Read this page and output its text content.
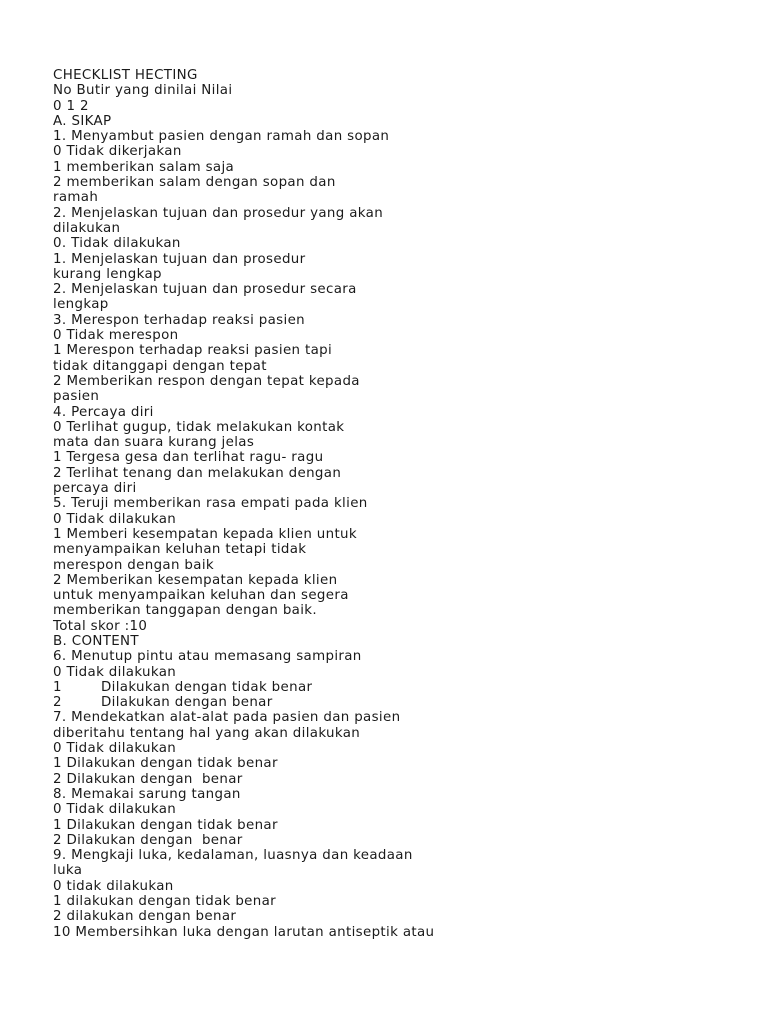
CHECKLIST HECTING
No Butir yang dinilai Nilai
0 1 2
A. SIKAP
1. Menyambut pasien dengan ramah dan sopan
0 Tidak dikerjakan
1 memberikan salam saja
2 memberikan salam dengan sopan dan
ramah
2. Menjelaskan tujuan dan prosedur yang akan
dilakukan
0. Tidak dilakukan
1. Menjelaskan tujuan dan prosedur
kurang lengkap
2. Menjelaskan tujuan dan prosedur secara
lengkap
3. Merespon terhadap reaksi pasien
0 Tidak merespon
1 Merespon terhadap reaksi pasien tapi
tidak ditanggapi dengan tepat
2 Memberikan respon dengan tepat kepada
pasien
4. Percaya diri
0 Terlihat gugup, tidak melakukan kontak
mata dan suara kurang jelas
1 Tergesa gesa dan terlihat ragu- ragu
2 Terlihat tenang dan melakukan dengan
percaya diri
5. Teruji memberikan rasa empati pada klien
0 Tidak dilakukan
1 Memberi kesempatan kepada klien untuk
menyampaikan keluhan tetapi tidak
merespon dengan baik
2 Memberikan kesempatan kepada klien
untuk menyampaikan keluhan dan segera
memberikan tanggapan dengan baik.
Total skor :10
B. CONTENT
6. Menutup pintu atau memasang sampiran
0 Tidak dilakukan
1	Dilakukan dengan tidak benar
2	Dilakukan dengan benar
7. Mendekatkan alat-alat pada pasien dan pasien
diberitahu tentang hal yang akan dilakukan
0 Tidak dilakukan
1 Dilakukan dengan tidak benar
2 Dilakukan dengan  benar
8. Memakai sarung tangan
0 Tidak dilakukan
1 Dilakukan dengan tidak benar
2 Dilakukan dengan  benar
9. Mengkaji luka, kedalaman, luasnya dan keadaan
luka
0 tidak dilakukan
1 dilakukan dengan tidak benar
2 dilakukan dengan benar
10 Membersihkan luka dengan larutan antiseptik atau
